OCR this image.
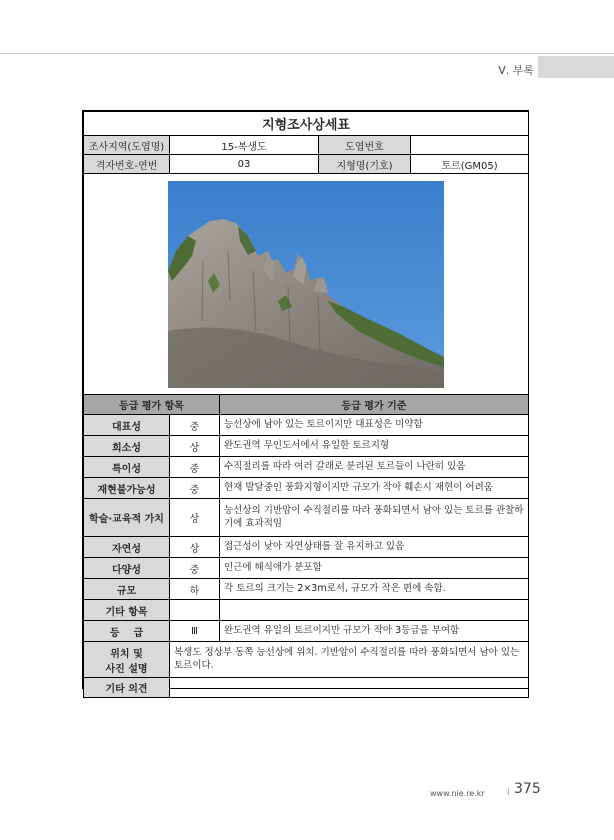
Ⅴ. 부록
지형조사상세표				
조사지역(도엽명)	15-복생도		도엽번호	
격자번호-연번	03		지형명(기호)	토르(GM05)

등급 평가 항목		등급 평가 기준		
대표성	중	능선상에 남아 있는 토르이지만 대표성은 미약함		
희소성	상	완도권역 무인도서에서 유일한 토르지형		
특이성	중	수직절리를 따라 여러 갈래로 분리된 토르들이 나란히 있음		
재현불가능성	중	현재 발달중인 풍화지형이지만 규모가 작아 훼손시 재현이 어려움		
학술·교육적 가치	상	능선상의 기반암이 수직절리를 따라 풍화되면서 남아 있는 토르를 관찰하기에 효과적임		
자연성	상	접근성이 낮아 자연상태를 잘 유지하고 있음		
다양성	중	인근에 해식애가 분포함		
규모	하	각 토르의 크기는 2×3m로서, 규모가 작은 편에 속함.		
기타 항목				
등    급	Ⅲ	완도권역 유일의 토르이지만 규모가 작아 3등급을 부여함		
위치 및
사진 설명	복생도 정상부 동쪽 능선상에 위치. 기반암이 수직절리를 따라 풍화되면서 남아 있는 토르이다.			
기타 의견				
www.nie.re.kr I 375
